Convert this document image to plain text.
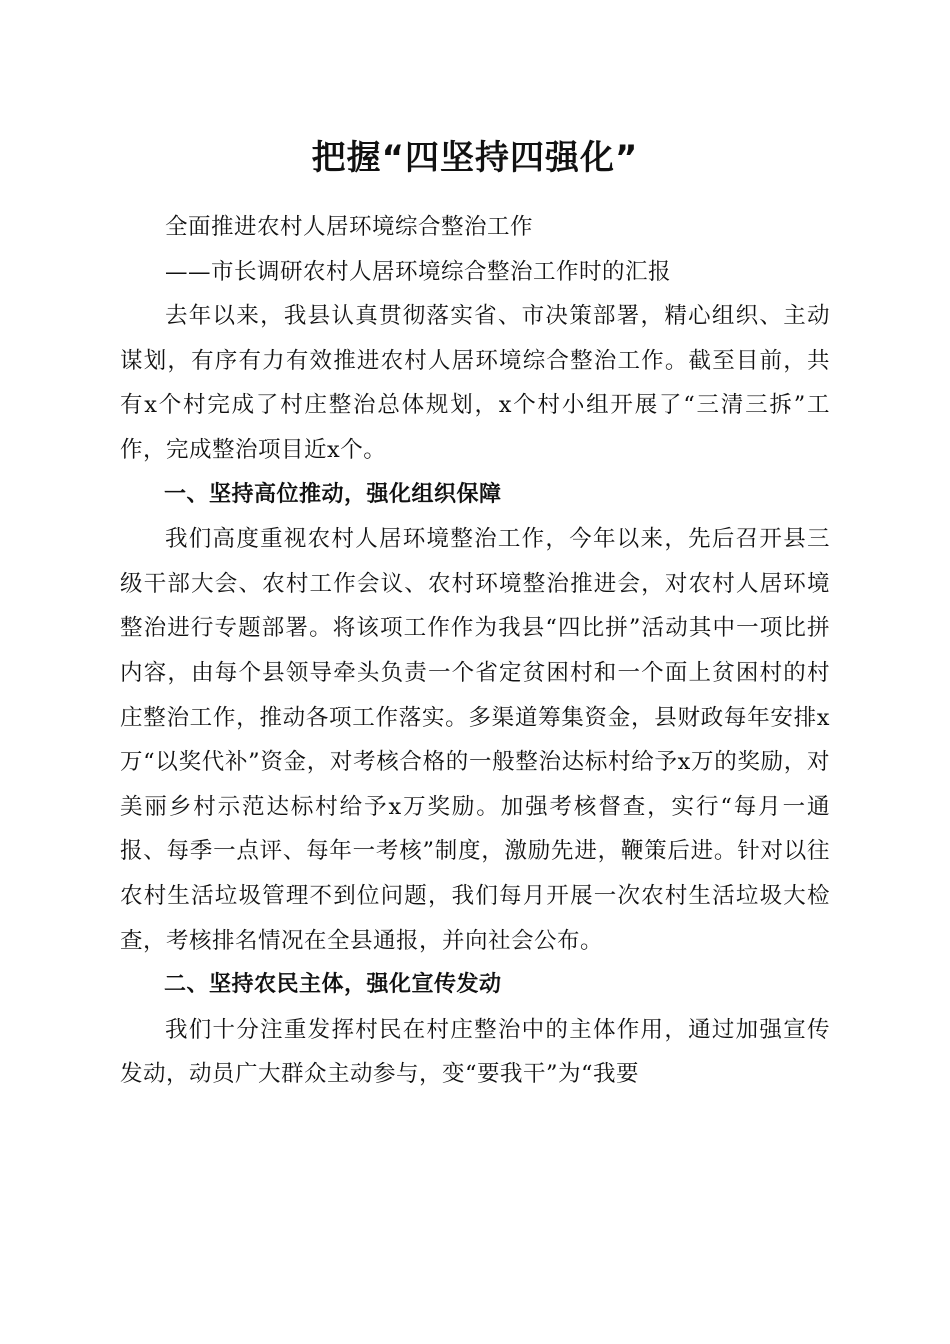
把握“四坚持四强化”

全面推进农村人居环境综合整治工作

——市长调研农村人居环境综合整治工作时的汇报

去年以来，我县认真贯彻落实省、市决策部署，精心组织、主动谋划，有序有力有效推进农村人居环境综合整治工作。截至目前，共有x个村完成了村庄整治总体规划，x个村小组开展了“三清三拆”工作，完成整治项目近x个。

一、坚持高位推动，强化组织保障

我们高度重视农村人居环境整治工作，今年以来，先后召开县三级干部大会、农村工作会议、农村环境整治推进会，对农村人居环境整治进行专题部署。将该项工作作为我县“四比拼”活动其中一项比拼内容，由每个县领导牵头负责一个省定贫困村和一个面上贫困村的村庄整治工作，推动各项工作落实。多渠道筹集资金，县财政每年安排x万“以奖代补”资金，对考核合格的一般整治达标村给予x万的奖励，对美丽乡村示范达标村给予x万奖励。加强考核督查，实行“每月一通报、每季一点评、每年一考核”制度，激励先进，鞭策后进。针对以往农村生活垃圾管理不到位问题，我们每月开展一次农村生活垃圾大检查，考核排名情况在全县通报，并向社会公布。

二、坚持农民主体，强化宣传发动

我们十分注重发挥村民在村庄整治中的主体作用，通过加强宣传发动，动员广大群众主动参与，变“要我干”为“我要
